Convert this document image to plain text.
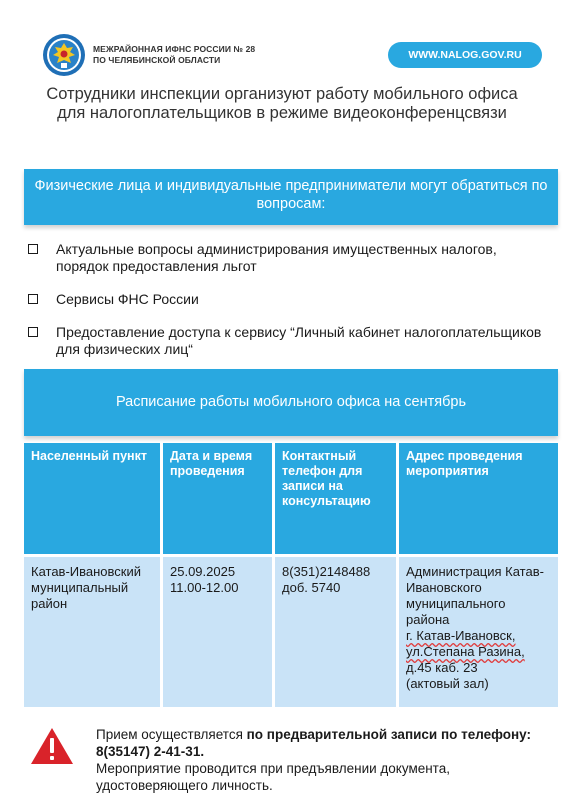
МЕЖРАЙОННАЯ ИФНС РОССИИ № 28
ПО ЧЕЛЯБИНСКОЙ ОБЛАСТИ	WWW.NALOG.GOV.RU
Сотрудники инспекции организуют работу мобильного офиса для налогоплательщиков в режиме видеоконференцсвязи
Физические лица и индивидуальные предприниматели могут обратиться по вопросам:
Актуальные вопросы администрирования имущественных налогов, порядок предоставления льгот
Сервисы ФНС России
Предоставление доступа к сервису “Личный кабинет налогоплательщиков для физических лиц“
Расписание работы мобильного офиса на сентябрь
Населенный пункт	Дата и время проведения
Контактный телефон для записи на консультацию
Адрес проведения мероприятия
Катав-Ивановский муниципальный район
25.09.2025
11.00-12.00
8(351)2148488
доб. 5740
Администрация Катав-Ивановского муниципального района
г. Катав-Ивановск,
ул.Степана Разина,
д.45 каб. 23
(актовый зал)
Прием осуществляется по предварительной записи по телефону: 8(35147) 2-41-31.
Мероприятие проводится при предъявлении документа, удостоверяющего личность.
